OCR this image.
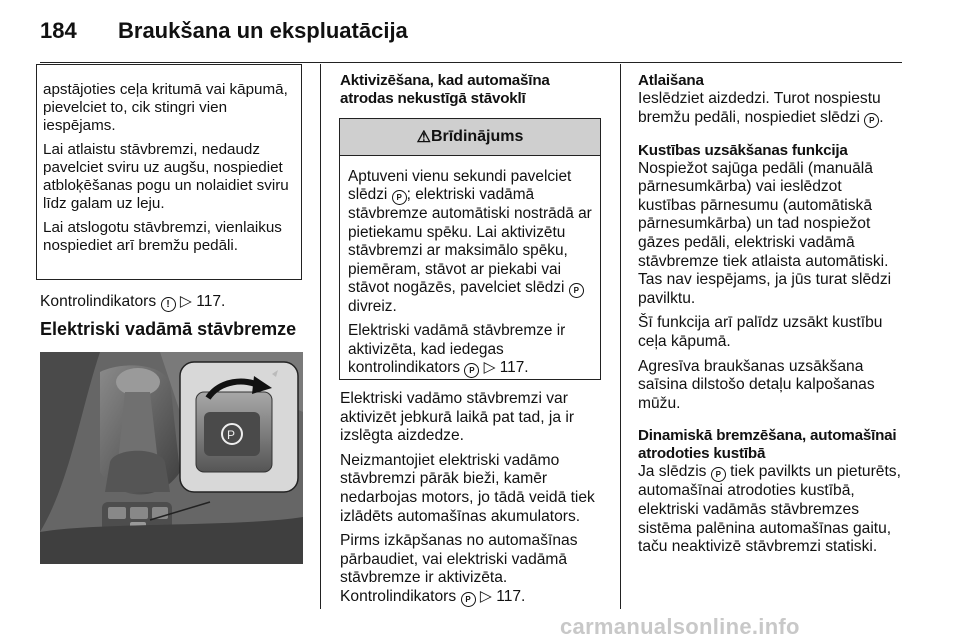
184 Braukšana un ekspluatācija

apstājoties ceļa kritumā vai kāpumā, pievelciet to, cik stingri vien iespējams.

Lai atlaistu stāvbremzi, nedaudz pavelciet sviru uz augšu, nospiediet atbloķēšanas pogu un nolaidiet sviru līdz galam uz leju.

Lai atslogotu stāvbremzi, vienlaikus nospiediet arī bremžu pedāli.

Kontrolindikators ! ▷ 117.
Elektriski vadāmā stāvbremze
P
Aktivizēšana, kad automašīna atrodas nekustīgā stāvoklī
⚠ Brīdinājums

Aptuveni vienu sekundi pavelciet slēdzi P ; elektriski vadāmā stāvbremze automātiski nostrādā ar pietiekamu spēku. Lai aktivizētu stāvbremzi ar maksimālo spēku, piemēram, stāvot ar piekabi vai stāvot nogāzēs, pavelciet slēdzi P divreiz.

Elektriski vadāmā stāvbremze ir aktivizēta, kad iedegas kontrolindikators P ▷ 117.

Elektriski vadāmo stāvbremzi var aktivizēt jebkurā laikā pat tad, ja ir izslēgta aizdedze.

Neizmantojiet elektriski vadāmo stāvbremzi pārāk bieži, kamēr nedarbojas motors, jo tādā veidā tiek izlādēts automašīnas akumulators.

Pirms izkāpšanas no automašīnas pārbaudiet, vai elektriski vadāmā stāvbremze ir aktivizēta.
Kontrolindikators P ▷ 117.

Atlaišana

Ieslēdziet aizdedzi. Turot nospiestu bremžu pedāli, nospiediet slēdzi P .

Kustības uzsākšanas funkcija

Nospiežot sajūga pedāli (manuālā pārnesumkārba) vai ieslēdzot kustības pārnesumu (automātiskā pārnesumkārba) un tad nospiežot gāzes pedāli, elektriski vadāmā stāvbremze tiek atlaista automātiski. Tas nav iespējams, ja jūs turat slēdzi pavilktu.

Šī funkcija arī palīdz uzsākt kustību ceļa kāpumā.

Agresīva braukšanas uzsākšana saīsina dilstošo detaļu kalpošanas mūžu.

Dinamiskā bremzēšana, automašīnai atrodoties kustībā

Ja slēdzis P tiek pavilkts un pieturēts, automašīnai atrodoties kustībā, elektriski vadāmās stāvbremzes sistēma palēnina automašīnas gaitu, taču neaktivizē stāvbremzi statiski.

carmanualsonline.info
